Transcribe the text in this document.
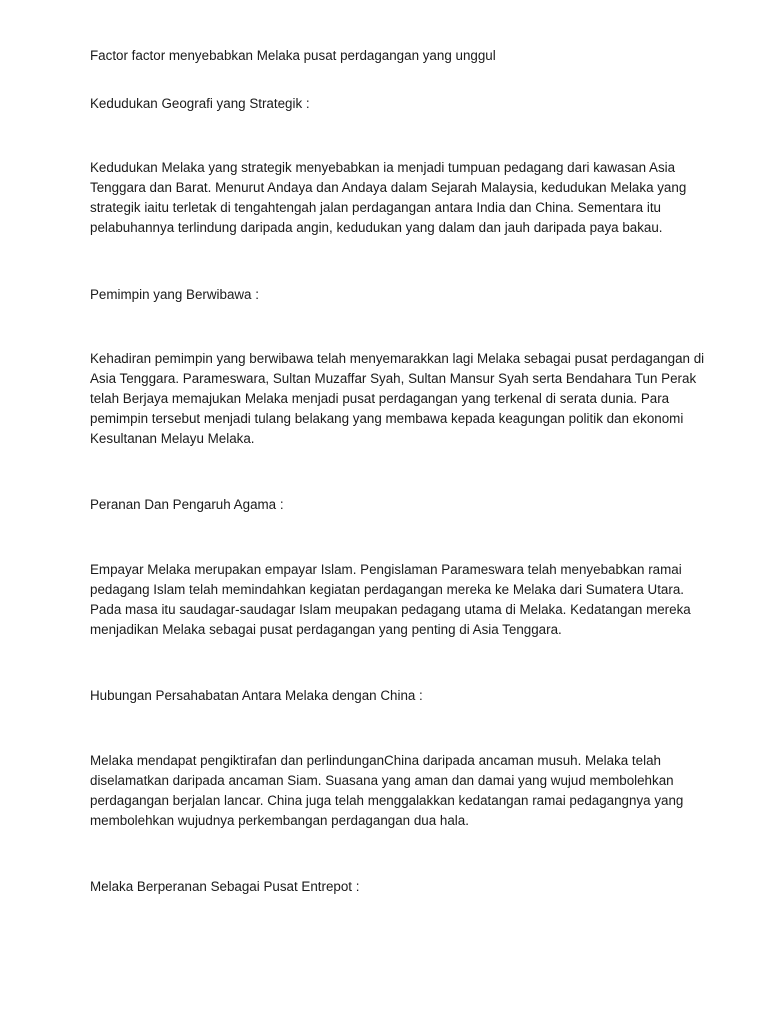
Factor factor menyebabkan Melaka pusat perdagangan yang unggul
Kedudukan Geografi yang Strategik :
Kedudukan Melaka yang strategik menyebabkan ia menjadi tumpuan pedagang dari kawasan Asia
Tenggara dan Barat. Menurut Andaya dan Andaya dalam Sejarah Malaysia, kedudukan Melaka yang
strategik iaitu terletak di tengahtengah jalan perdagangan antara India dan China. Sementara itu
pelabuhannya terlindung daripada angin, kedudukan yang dalam dan jauh daripada paya bakau.
Pemimpin yang Berwibawa :
Kehadiran pemimpin yang berwibawa telah menyemarakkan lagi Melaka sebagai pusat perdagangan di
Asia Tenggara. Parameswara, Sultan Muzaffar Syah, Sultan Mansur Syah serta Bendahara Tun Perak
telah Berjaya memajukan Melaka menjadi pusat perdagangan yang terkenal di serata dunia. Para
pemimpin tersebut menjadi tulang belakang yang membawa kepada keagungan politik dan ekonomi
Kesultanan Melayu Melaka.
Peranan Dan Pengaruh Agama :
Empayar Melaka merupakan empayar Islam. Pengislaman Parameswara telah menyebabkan ramai
pedagang Islam telah memindahkan kegiatan perdagangan mereka ke Melaka dari Sumatera Utara.
Pada masa itu saudagar-saudagar Islam meupakan pedagang utama di Melaka. Kedatangan mereka
menjadikan Melaka sebagai pusat perdagangan yang penting di Asia Tenggara.
Hubungan Persahabatan Antara Melaka dengan China :
Melaka mendapat pengiktirafan dan perlindunganChina daripada ancaman musuh. Melaka telah
diselamatkan daripada ancaman Siam. Suasana yang aman dan damai yang wujud membolehkan
perdagangan berjalan lancar. China juga telah menggalakkan kedatangan ramai pedagangnya yang
membolehkan wujudnya perkembangan perdagangan dua hala.
Melaka Berperanan Sebagai Pusat Entrepot :
